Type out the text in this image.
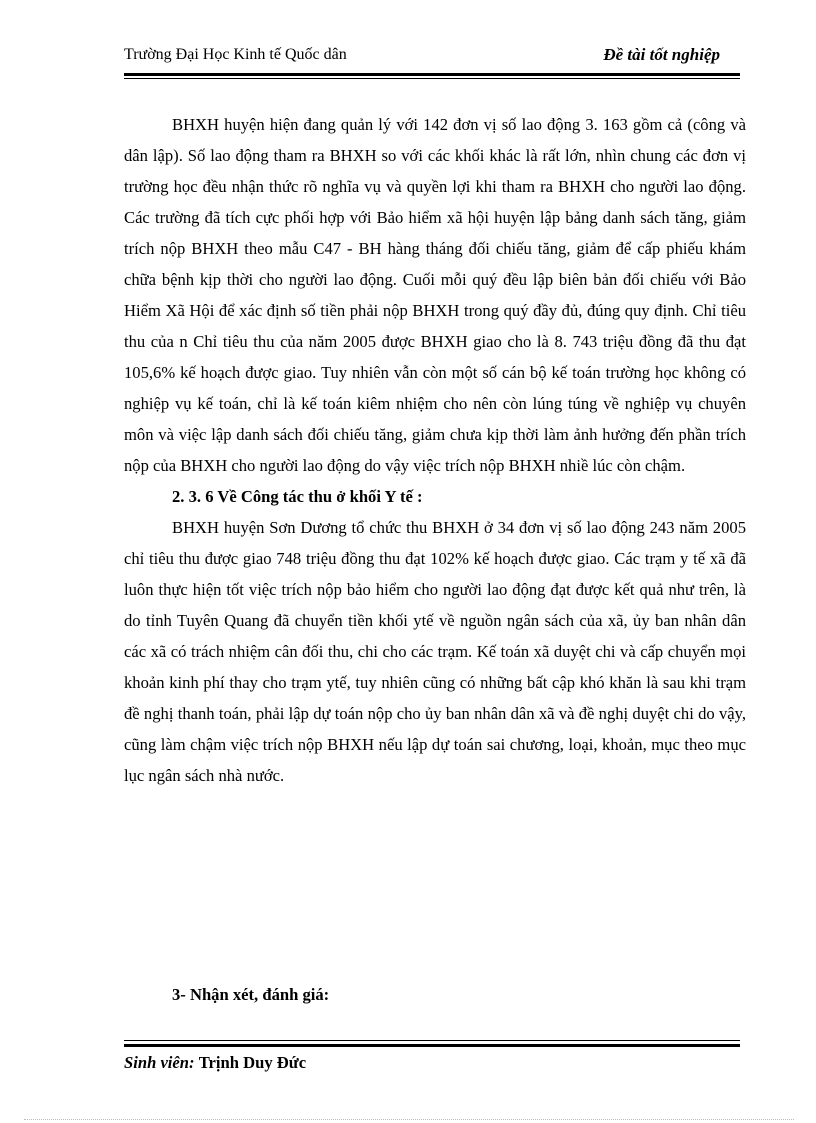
Trường Đại Học Kinh tế Quốc dân	Đề tài tốt nghiệp

BHXH huyện hiện đang quản lý với 142 đơn vị số lao động 3. 163 gồm cả (công và dân lập). Số lao động tham ra BHXH so với các khối khác là rất lớn, nhìn chung các đơn vị trường học đều nhận thức rõ nghĩa vụ và quyền lợi khi tham ra BHXH cho người lao động. Các trường đã tích cực phối hợp với Bảo hiểm xã hội huyện lập bảng danh sách tăng, giảm trích nộp BHXH theo mẫu C47 - BH hàng tháng đối chiếu tăng, giảm để cấp phiếu khám chữa bệnh kịp thời cho người lao động. Cuối mỗi quý đều lập biên bản đối chiếu với Bảo Hiểm Xã Hội để xác định số tiền phải nộp BHXH trong quý đầy đủ, đúng quy định. Chỉ tiêu thu của n Chỉ tiêu thu của năm 2005 được BHXH giao cho là 8. 743 triệu đồng đã thu đạt 105,6% kế hoạch được giao. Tuy nhiên vẫn còn một số cán bộ kế toán trường học không có nghiệp vụ kế toán, chỉ là kế toán kiêm nhiệm cho nên còn lúng túng về nghiệp vụ chuyên môn và việc lập danh sách đối chiếu tăng, giảm chưa kịp thời làm ảnh hưởng đến phần trích nộp của BHXH cho người lao động do vậy việc trích nộp BHXH nhiề lúc còn chậm.

2. 3. 6 Về Công tác thu ở khối Y tế :

BHXH huyện Sơn Dương tổ chức thu BHXH ở 34 đơn vị số lao động 243 năm 2005 chỉ tiêu thu được giao 748 triệu đồng thu đạt 102% kế hoạch được giao. Các trạm y tế xã đã luôn thực hiện tốt việc trích nộp bảo hiểm cho người lao động đạt được kết quả như trên, là do tỉnh Tuyên Quang đã chuyển tiền khối ytế về nguồn ngân sách của xã, ủy ban nhân dân các xã có trách nhiệm cân đối thu, chi cho các trạm. Kế toán xã duyệt chi và cấp chuyển mọi khoản kinh phí thay cho trạm ytế, tuy nhiên cũng có những bất cập khó khăn là sau khi trạm đề nghị thanh toán, phải lập dự toán nộp cho ủy ban nhân dân xã và đề nghị duyệt chi do vậy, cũng làm chậm việc trích nộp BHXH nếu lập dự toán sai chương, loại, khoản, mục theo mục lục ngân sách nhà nước.

3- Nhận xét, đánh giá:
Sinh viên: Trịnh Duy Đức
